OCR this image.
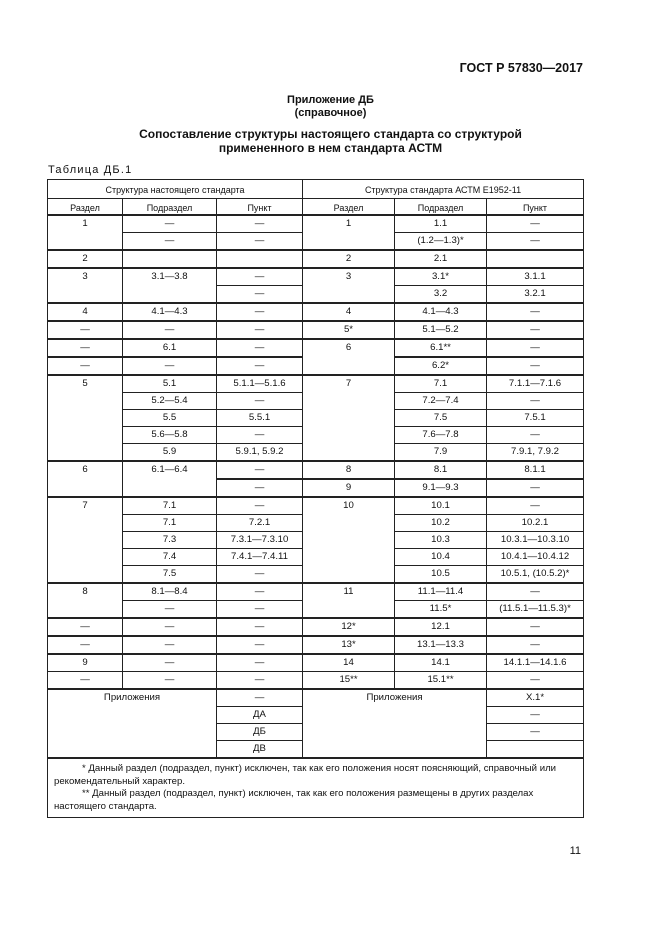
ГОСТ Р 57830—2017
Приложение ДБ
(справочное)
Сопоставление структуры настоящего стандарта со структурой
примененного в нем стандарта АСТМ
Таблица ДБ.1
Структура настоящего стандарта			Структура стандарта АСТМ E1952-11		
Раздел	Подраздел	Пункт	Раздел	Подраздел	Пункт
1	—	—	1	1.1	—
	—	—		(1.2—1.3)*	—
2			2	2.1	
3	3.1—3.8	—	3	3.1*	3.1.1
		—		3.2	3.2.1
4	4.1—4.3	—	4	4.1—4.3	—
—	—	—	5*	5.1—5.2	—
—	6.1	—	6	6.1**	—
—	—	—		6.2*	—
5	5.1	5.1.1—5.1.6	7	7.1	7.1.1—7.1.6
	5.2—5.4	—		7.2—7.4	—
	5.5	5.5.1		7.5	7.5.1
	5.6—5.8	—		7.6—7.8	—
	5.9	5.9.1, 5.9.2		7.9	7.9.1, 7.9.2
6	6.1—6.4	—	8	8.1	8.1.1
		—	9	9.1—9.3	—
7	7.1	—	10	10.1	—
	7.1	7.2.1		10.2	10.2.1
	7.3	7.3.1—7.3.10		10.3	10.3.1—10.3.10
	7.4	7.4.1—7.4.11		10.4	10.4.1—10.4.12
	7.5	—		10.5	10.5.1, (10.5.2)*
8	8.1—8.4	—	11	11.1—11.4	—
	—	—		11.5*	(11.5.1—11.5.3)*
—	—	—	12*	12.1	—
—	—	—	13*	13.1—13.3	—
9	—	—	14	14.1	14.1.1—14.1.6
—	—	—	15**	15.1**	—
Приложения		—	Приложения		X.1*
		ДА			—
		ДБ			—
		ДВ			

* Данный раздел (подраздел, пункт) исключен, так как его положения носят поясняющий, справочный или рекомендательный характер.

** Данный раздел (подраздел, пункт) исключен, так как его положения размещены в других разделах настоящего стандарта.					

11
